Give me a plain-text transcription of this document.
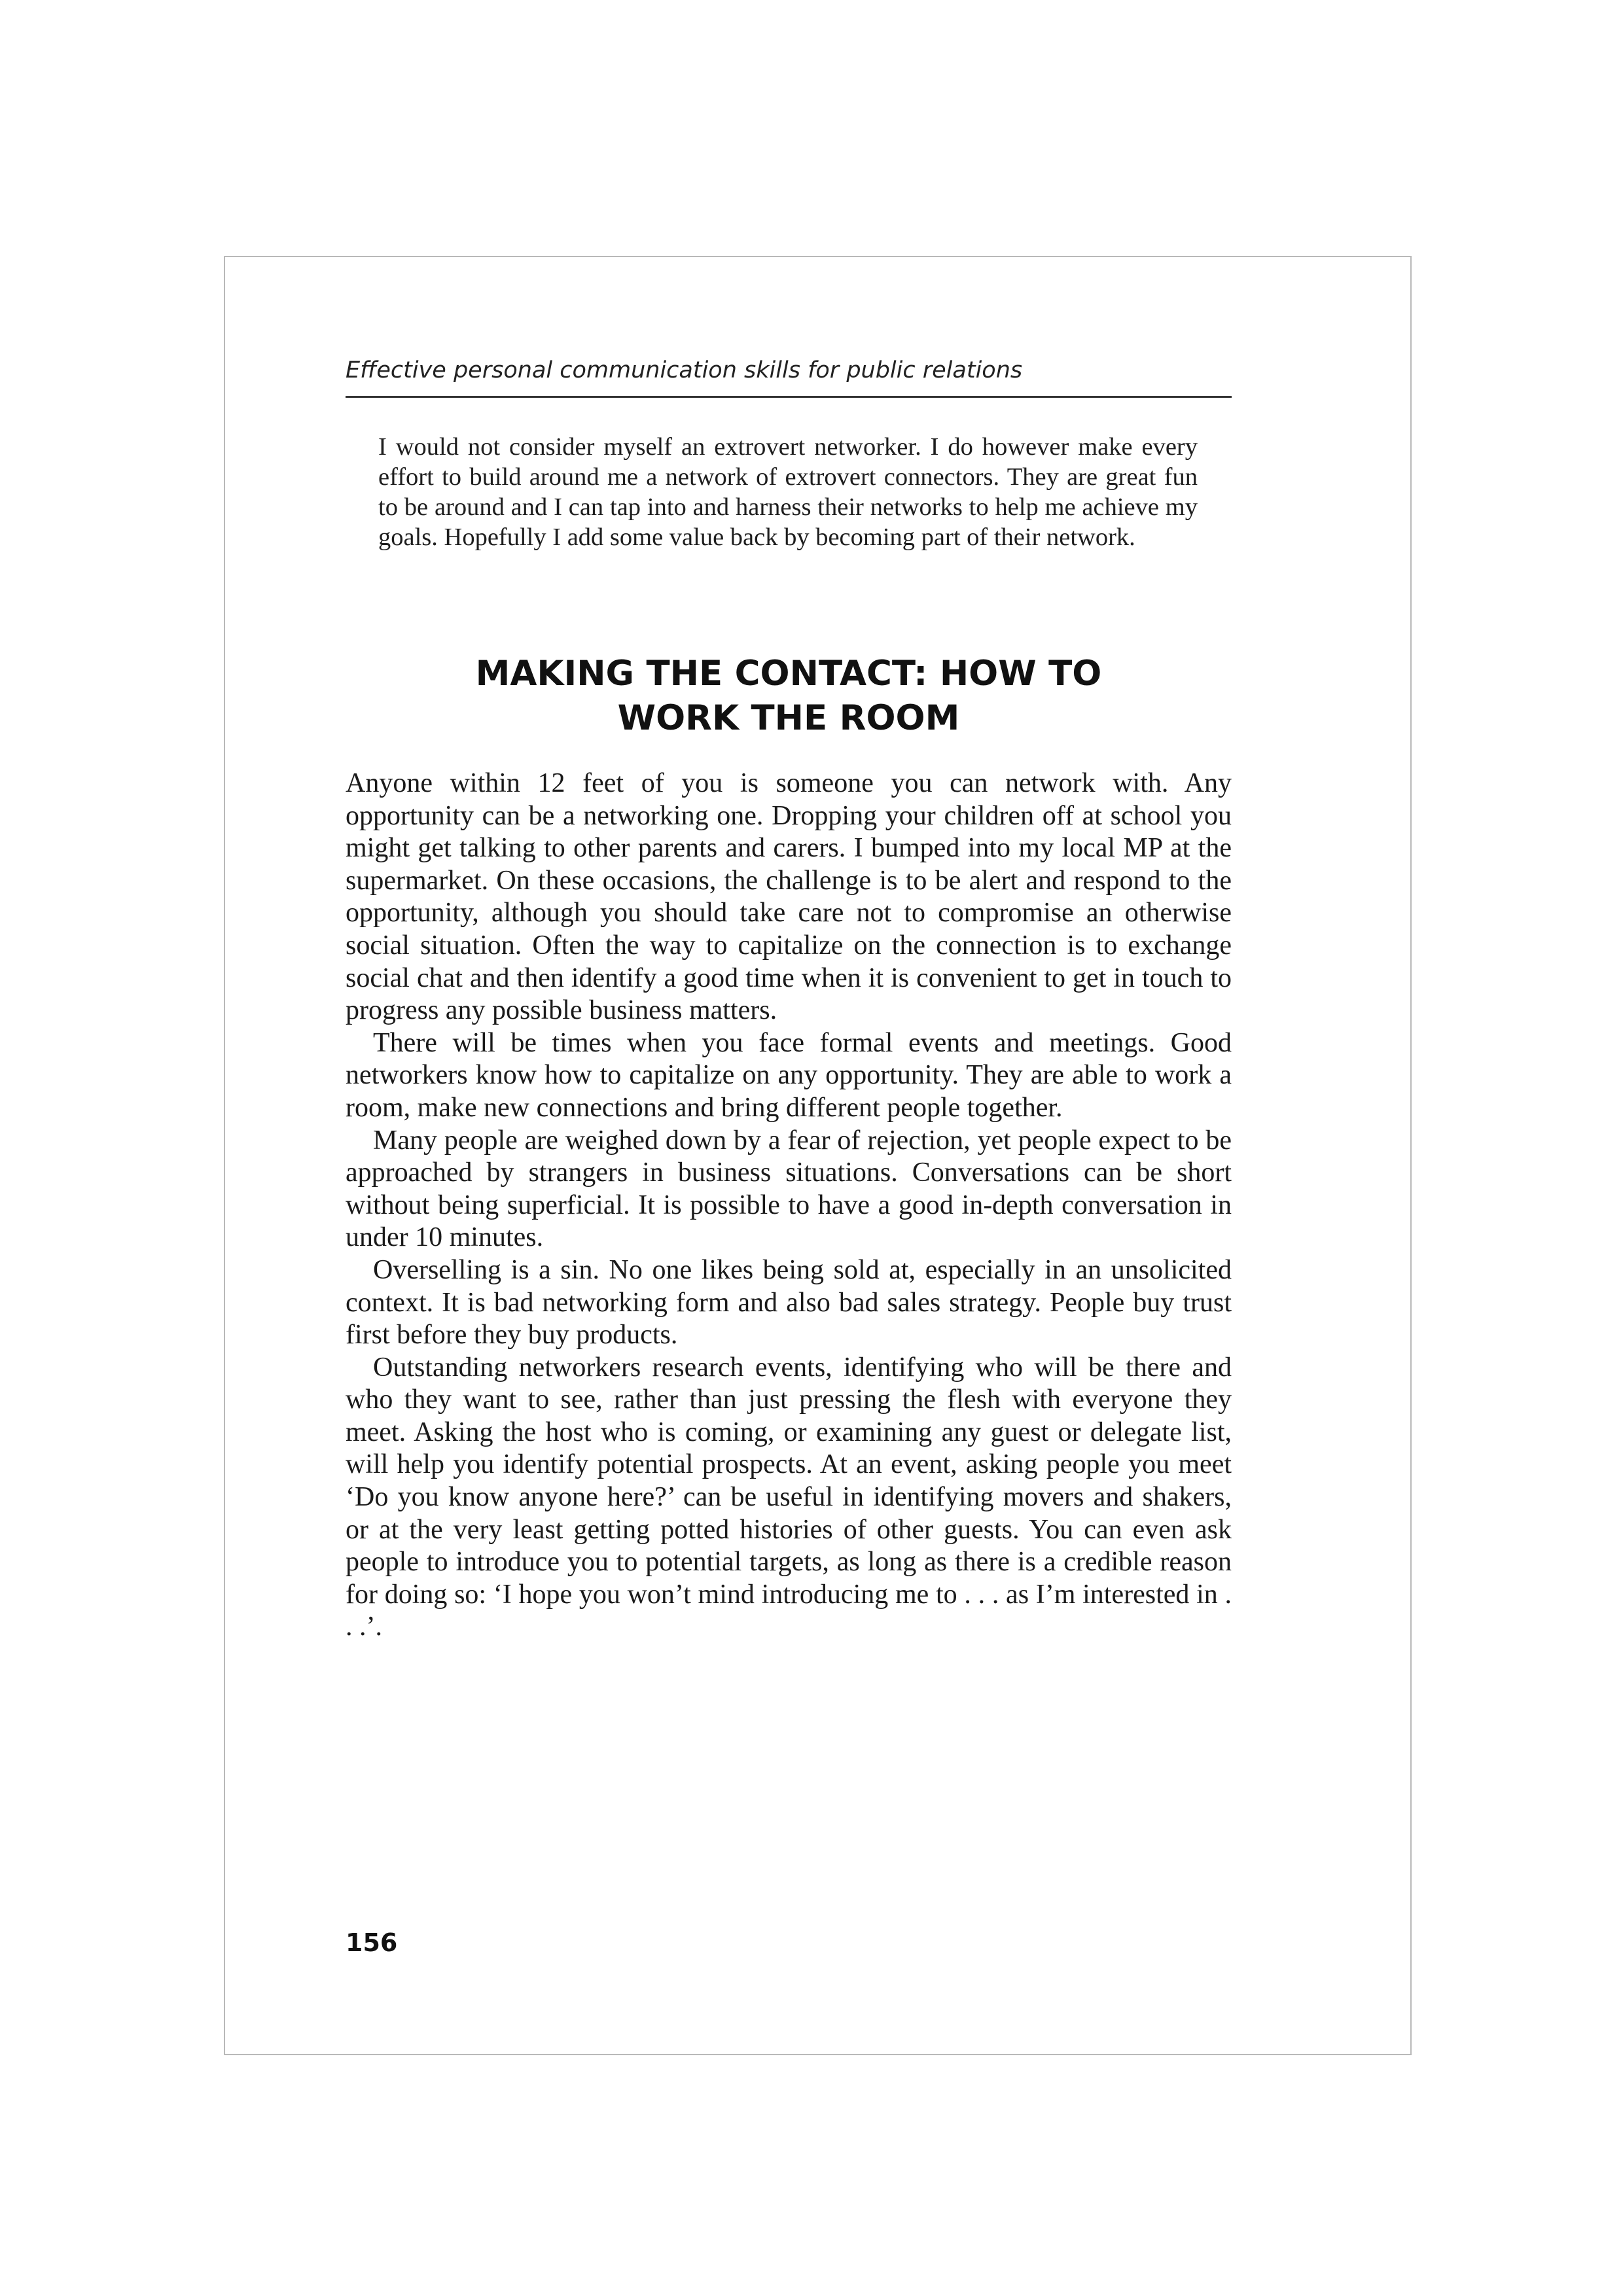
Effective personal communication skills for public relations

I would not consider myself an extrovert networker. I do however make every effort to build around me a network of extrovert connectors. They are great fun to be around and I can tap into and harness their networks to help me achieve my goals. Hopefully I add some value back by becoming part of their network.

MAKING THE CONTACT: HOW TO
WORK THE ROOM

Anyone within 12 feet of you is someone you can network with. Any opportunity can be a networking one. Dropping your children off at school you might get talking to other parents and carers. I bumped into my local MP at the supermarket. On these occasions, the challenge is to be alert and respond to the opportunity, although you should take care not to compromise an otherwise social situation. Often the way to capitalize on the connection is to exchange social chat and then identify a good time when it is convenient to get in touch to progress any possible business matters.

There will be times when you face formal events and meetings. Good networkers know how to capitalize on any opportunity. They are able to work a room, make new connections and bring different people together.

Many people are weighed down by a fear of rejection, yet people expect to be approached by strangers in business situations. Conversations can be short without being superficial. It is possible to have a good in-depth conversation in under 10 minutes.

Overselling is a sin. No one likes being sold at, especially in an unsolicited context. It is bad networking form and also bad sales strategy. People buy trust first before they buy products.

Outstanding networkers research events, identifying who will be there and who they want to see, rather than just pressing the flesh with everyone they meet. Asking the host who is coming, or examining any guest or delegate list, will help you identify potential prospects. At an event, asking people you meet ‘Do you know anyone here?’ can be useful in identifying movers and shakers, or at the very least getting potted histories of other guests. You can even ask people to introduce you to potential targets, as long as there is a credible reason for doing so: ‘I hope you won’t mind introducing me to . . . as I’m interested in . . .’.

156
